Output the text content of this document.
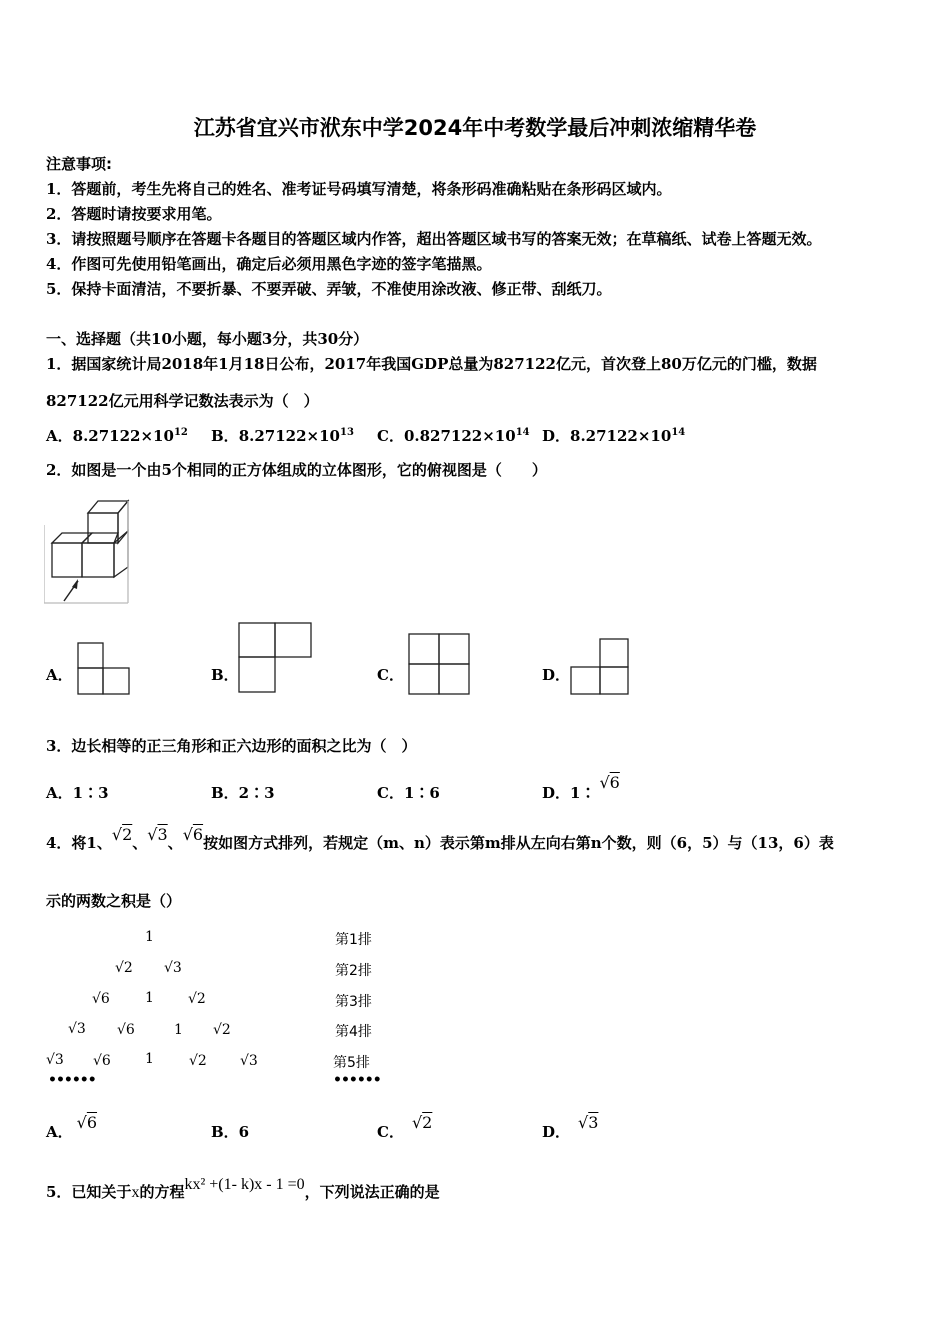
江苏省宜兴市洑东中学2024年中考数学最后冲刺浓缩精华卷
注意事项:
1．答题前，考生先将自己的姓名、准考证号码填写清楚，将条形码准确粘贴在条形码区域内。
2．答题时请按要求用笔。
3．请按照题号顺序在答题卡各题目的答题区域内作答，超出答题区域书写的答案无效；在草稿纸、试卷上答题无效。
4．作图可先使用铅笔画出，确定后必须用黑色字迹的签字笔描黑。
5．保持卡面清洁，不要折暴、不要弄破、弄皱，不准使用涂改液、修正带、刮纸刀。
一、选择题（共10小题，每小题3分，共30分）
1．据国家统计局2018年1月18日公布，2017年我国GDP总量为827122亿元，首次登上80万亿元的门槛，数据
827122亿元用科学记数法表示为（　）
A．$8.27122\times 10^{12}$ B．$8.27122\times 10^{13}$ C．$0.827122\times 10^{14}$ D．$8.27122\times 10^{14}$
2．如图是一个由5个相同的正方体组成的立体图形，它的俯视图是（　　）
A．	B．	C．	D．
3．边长相等的正三角形和正六边形的面积之比为（　）
A．1∶3	B．2∶3	C．1∶6	D．1∶√6
4．将1、√2、√3、√6按如图方式排列，若规定（m、n）表示第m排从左向右第n个数，则（6，5）与（13，6）表
示的两数之积是（）
1
√2 √3
√6	1 √2
√3 √6	1 √2
√3 √6 1	√2 √3
••••••
第1排
第2排
第3排
第4排
第5排
••••••
A． √6	B．6	C． √2	D． √3
5．已知关于x的方程kx² +(1- k)x - 1 =0，下列说法正确的是
